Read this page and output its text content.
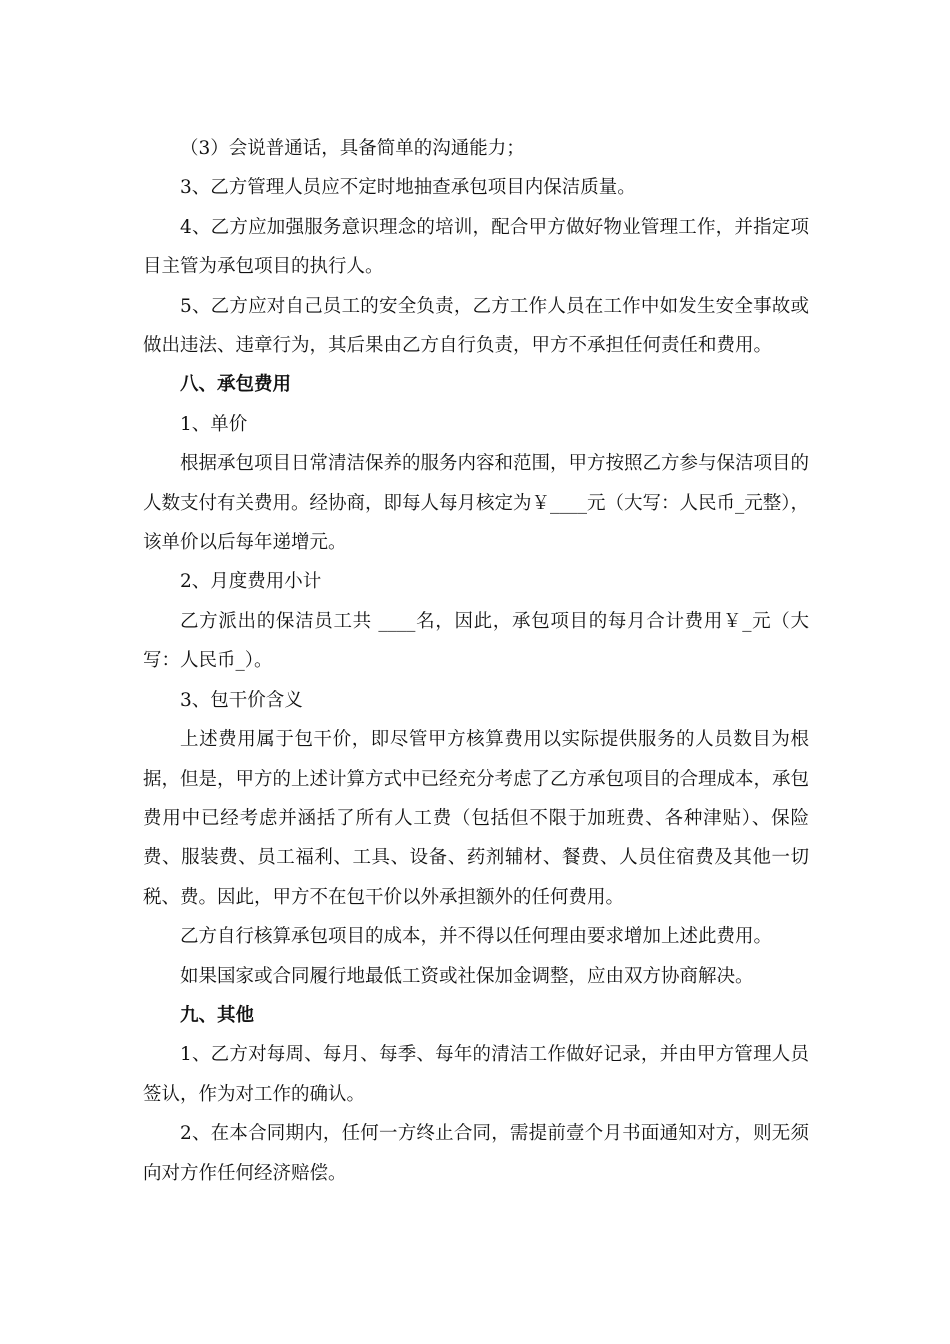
（3）会说普通话，具备简单的沟通能力；

3、乙方管理人员应不定时地抽查承包项目内保洁质量。

4、乙方应加强服务意识理念的培训，配合甲方做好物业管理工作，并指定项目主管为承包项目的执行人。

5、乙方应对自己员工的安全负责，乙方工作人员在工作中如发生安全事故或做出违法、违章行为，其后果由乙方自行负责，甲方不承担任何责任和费用。

八、承包费用

1、单价

根据承包项目日常清洁保养的服务内容和范围，甲方按照乙方参与保洁项目的人数支付有关费用。经协商，即每人每月核定为￥____元（大写：人民币_元整），该单价以后每年递增元。

2、月度费用小计

乙方派出的保洁员工共 ____名，因此，承包项目的每月合计费用￥_元（大写：人民币_）。

3、包干价含义

上述费用属于包干价，即尽管甲方核算费用以实际提供服务的人员数目为根据，但是，甲方的上述计算方式中已经充分考虑了乙方承包项目的合理成本，承包费用中已经考虑并涵括了所有人工费（包括但不限于加班费、各种津贴）、保险费、服装费、员工福利、工具、设备、药剂辅材、餐费、人员住宿费及其他一切税、费。因此，甲方不在包干价以外承担额外的任何费用。

乙方自行核算承包项目的成本，并不得以任何理由要求增加上述此费用。

如果国家或合同履行地最低工资或社保加金调整，应由双方协商解决。

九、其他

1、乙方对每周、每月、每季、每年的清洁工作做好记录，并由甲方管理人员签认，作为对工作的确认。

2、在本合同期内，任何一方终止合同，需提前壹个月书面通知对方，则无须向对方作任何经济赔偿。
